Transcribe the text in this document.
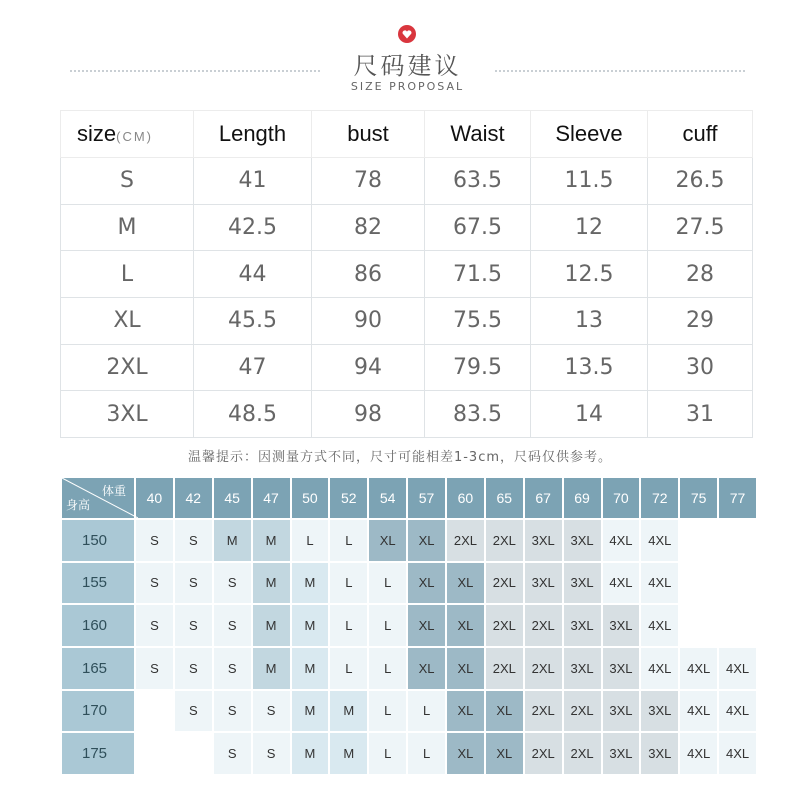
尺码建议
SIZE PROPOSAL
size(CM)	Length	bust	Waist	Sleeve	cuff
S	41	78	63.5	11.5	26.5
M	42.5	82	67.5	12	27.5
L	44	86	71.5	12.5	28
XL	45.5	90	75.5	13	29
2XL	47	94	79.5	13.5	30
3XL	48.5	98	83.5	14	31
温馨提示：因测量方式不同，尺寸可能相差1-3cm，尺码仅供参考。
体重
身高	40	42	45	47	50	52	54	57	60	65	67	69	70	72	75	77
150	S	S	M	M	L	L	XL	XL	2XL	2XL	3XL	3XL	4XL	4XL		
155	S	S	S	M	M	L	L	XL	XL	2XL	3XL	3XL	4XL	4XL		
160	S	S	S	M	M	L	L	XL	XL	2XL	2XL	3XL	3XL	4XL		
165	S	S	S	M	M	L	L	XL	XL	2XL	2XL	3XL	3XL	4XL	4XL	4XL
170		S	S	S	M	M	L	L	XL	XL	2XL	2XL	3XL	3XL	4XL	4XL
175			S	S	M	M	L	L	XL	XL	2XL	2XL	3XL	3XL	4XL	4XL
